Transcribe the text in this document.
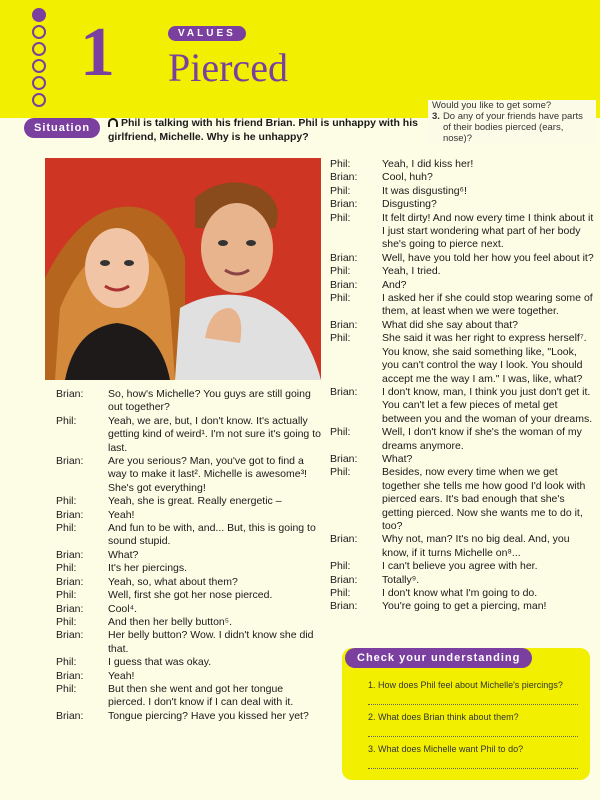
1	VALUES
Pierced
Would you like to get some?
3. Do any of your friends have parts of their bodies pierced (ears, nose)?
Situation	Phil is talking with his friend Brian. Phil is unhappy with his girlfriend, Michelle. Why is he unhappy?
Brian:	So, how's Michelle? You guys are still going out together?
Phil:	Yeah, we are, but, I don't know. It's actually getting kind of weird¹. I'm not sure it's going to last.
Brian:	Are you serious? Man, you've got to find a way to make it last². Michelle is awesome³! She's got everything!
Phil:	Yeah, she is great. Really energetic –
Brian:	Yeah!
Phil:	And fun to be with, and... But, this is going to sound stupid.
Brian:	What?
Phil:	It's her piercings.
Brian:	Yeah, so, what about them?
Phil:	Well, first she got her nose pierced.
Brian:	Cool⁴.
Phil:	And then her belly button⁵.
Brian:	Her belly button? Wow. I didn't know she did that.
Phil:	I guess that was okay.
Brian:	Yeah!
Phil:	But then she went and got her tongue pierced. I don't know if I can deal with it.
Brian:	Tongue piercing? Have you kissed her yet?
Phil:	Yeah, I did kiss her!
Brian:	Cool, huh?
Phil:	It was disgusting⁶!
Brian:	Disgusting?
Phil:	It felt dirty! And now every time I think about it I just start wondering what part of her body she's going to pierce next.
Brian:	Well, have you told her how you feel about it?
Phil:	Yeah, I tried.
Brian:	And?
Phil:	I asked her if she could stop wearing some of them, at least when we were together.
Brian:	What did she say about that?
Phil:	She said it was her right to express herself⁷. You know, she said something like, "Look, you can't control the way I look. You should accept me the way I am." I was, like, what?
Brian:	I don't know, man, I think you just don't get it. You can't let a few pieces of metal get between you and the woman of your dreams.
Phil:	Well, I don't know if she's the woman of my dreams anymore.
Brian:	What?
Phil:	Besides, now every time when we get together she tells me how good I'd look with pierced ears. It's bad enough that she's getting pierced. Now she wants me to do it, too?
Brian:	Why not, man? It's no big deal. And, you know, if it turns Michelle on⁸...
Phil:	I can't believe you agree with her.
Brian:	Totally⁹.
Phil:	I don't know what I'm going to do.
Brian:	You're going to get a piercing, man!
Check your understanding
1. How does Phil feel about Michelle's piercings?
2. What does Brian think about them?
3. What does Michelle want Phil to do?
